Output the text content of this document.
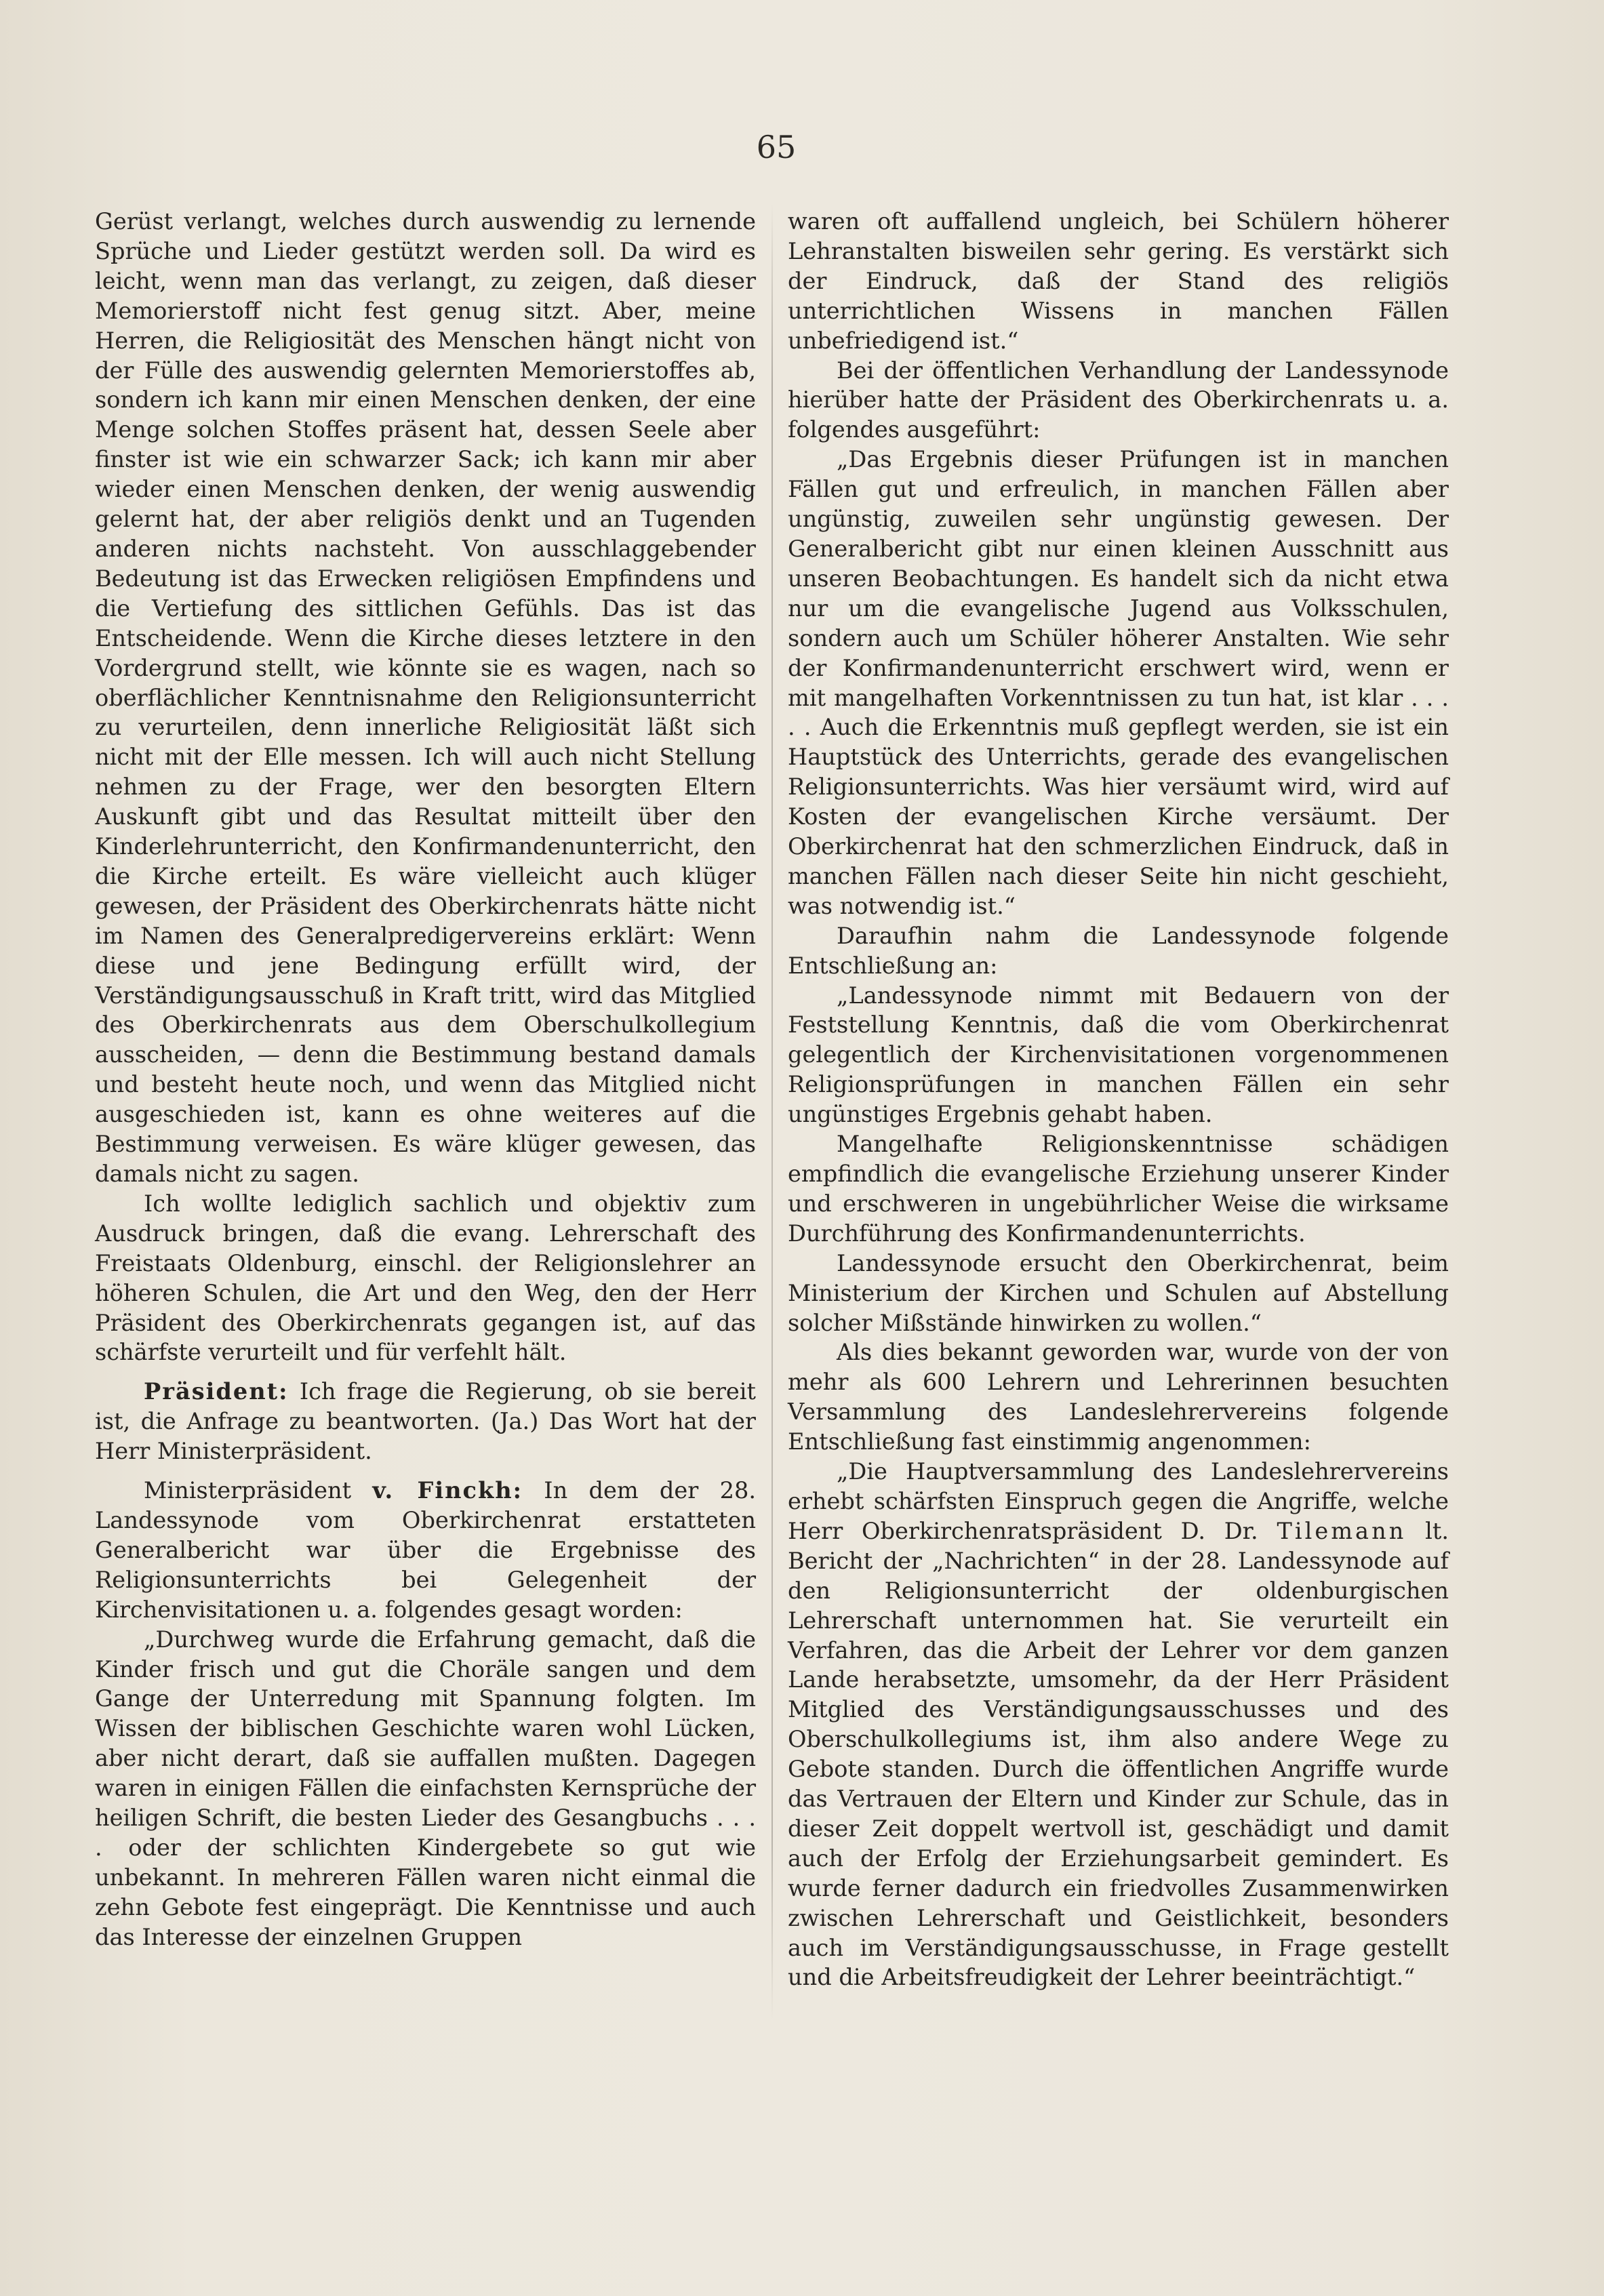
65

Gerüst verlangt, welches durch auswendig zu lernende Sprüche und Lieder gestützt werden soll. Da wird es leicht, wenn man das verlangt, zu zeigen, daß dieser Memorierstoff nicht fest genug sitzt. Aber, meine Herren, die Religiosität des Menschen hängt nicht von der Fülle des auswendig gelernten Memorierstoffes ab, sondern ich kann mir einen Menschen denken, der eine Menge solchen Stoffes präsent hat, dessen Seele aber finster ist wie ein schwarzer Sack; ich kann mir aber wieder einen Menschen denken, der wenig auswendig gelernt hat, der aber religiös denkt und an Tugenden anderen nichts nachsteht. Von ausschlaggebender Bedeutung ist das Erwecken religiösen Empfindens und die Vertiefung des sittlichen Gefühls. Das ist das Entscheidende. Wenn die Kirche dieses letztere in den Vordergrund stellt, wie könnte sie es wagen, nach so oberflächlicher Kenntnisnahme den Religionsunterricht zu verurteilen, denn innerliche Religiosität läßt sich nicht mit der Elle messen. Ich will auch nicht Stellung nehmen zu der Frage, wer den besorgten Eltern Auskunft gibt und das Resultat mitteilt über den Kinderlehrunterricht, den Konfirmandenunterricht, den die Kirche erteilt. Es wäre vielleicht auch klüger gewesen, der Präsident des Oberkirchenrats hätte nicht im Namen des Generalpredigervereins erklärt: Wenn diese und jene Bedingung erfüllt wird, der Verständigungsausschuß in Kraft tritt, wird das Mitglied des Oberkirchenrats aus dem Oberschulkollegium ausscheiden, — denn die Bestimmung bestand damals und besteht heute noch, und wenn das Mitglied nicht ausgeschieden ist, kann es ohne weiteres auf die Bestimmung verweisen. Es wäre klüger gewesen, das damals nicht zu sagen.

Ich wollte lediglich sachlich und objektiv zum Ausdruck bringen, daß die evang. Lehrerschaft des Freistaats Oldenburg, einschl. der Religionslehrer an höheren Schulen, die Art und den Weg, den der Herr Präsident des Oberkirchenrats gegangen ist, auf das schärfste verurteilt und für verfehlt hält.

Präsident: Ich frage die Regierung, ob sie bereit ist, die Anfrage zu beantworten. (Ja.) Das Wort hat der Herr Ministerpräsident.

Ministerpräsident v. Finckh: In dem der 28. Landessynode vom Oberkirchenrat erstatteten Generalbericht war über die Ergebnisse des Religionsunterrichts bei Gelegenheit der Kirchenvisitationen u. a. folgendes gesagt worden:

„Durchweg wurde die Erfahrung gemacht, daß die Kinder frisch und gut die Choräle sangen und dem Gange der Unterredung mit Spannung folgten. Im Wissen der biblischen Geschichte waren wohl Lücken, aber nicht derart, daß sie auffallen mußten. Dagegen waren in einigen Fällen die einfachsten Kernsprüche der heiligen Schrift, die besten Lieder des Gesangbuchs . . . . oder der schlichten Kindergebete so gut wie unbekannt. In mehreren Fällen waren nicht einmal die zehn Gebote fest eingeprägt. Die Kenntnisse und auch das Interesse der einzelnen Gruppen

waren oft auffallend ungleich, bei Schülern höherer Lehranstalten bisweilen sehr gering. Es verstärkt sich der Eindruck, daß der Stand des religiös unterrichtlichen Wissens in manchen Fällen unbefriedigend ist.“

Bei der öffentlichen Verhandlung der Landessynode hierüber hatte der Präsident des Oberkirchenrats u. a. folgendes ausgeführt:

„Das Ergebnis dieser Prüfungen ist in manchen Fällen gut und erfreulich, in manchen Fällen aber ungünstig, zuweilen sehr ungünstig gewesen. Der Generalbericht gibt nur einen kleinen Ausschnitt aus unseren Beobachtungen. Es handelt sich da nicht etwa nur um die evangelische Jugend aus Volksschulen, sondern auch um Schüler höherer Anstalten. Wie sehr der Konfirmandenunterricht erschwert wird, wenn er mit mangelhaften Vorkenntnissen zu tun hat, ist klar . . . . . Auch die Erkenntnis muß gepflegt werden, sie ist ein Hauptstück des Unterrichts, gerade des evangelischen Religionsunterrichts. Was hier versäumt wird, wird auf Kosten der evangelischen Kirche versäumt. Der Oberkirchenrat hat den schmerzlichen Eindruck, daß in manchen Fällen nach dieser Seite hin nicht geschieht, was notwendig ist.“

Daraufhin nahm die Landessynode folgende Entschließung an:

„Landessynode nimmt mit Bedauern von der Feststellung Kenntnis, daß die vom Oberkirchenrat gelegentlich der Kirchenvisitationen vorgenommenen Religionsprüfungen in manchen Fällen ein sehr ungünstiges Ergebnis gehabt haben.

Mangelhafte Religionskenntnisse schädigen empfindlich die evangelische Erziehung unserer Kinder und erschweren in ungebührlicher Weise die wirksame Durchführung des Konfirmandenunterrichts.

Landessynode ersucht den Oberkirchenrat, beim Ministerium der Kirchen und Schulen auf Abstellung solcher Mißstände hinwirken zu wollen.“

Als dies bekannt geworden war, wurde von der von mehr als 600 Lehrern und Lehrerinnen besuchten Versammlung des Landeslehrervereins folgende Entschließung fast einstimmig angenommen:

„Die Hauptversammlung des Landeslehrervereins erhebt schärfsten Einspruch gegen die Angriffe, welche Herr Oberkirchenratspräsident D. Dr. Tilemann lt. Bericht der „Nachrichten“ in der 28. Landessynode auf den Religionsunterricht der oldenburgischen Lehrerschaft unternommen hat. Sie verurteilt ein Verfahren, das die Arbeit der Lehrer vor dem ganzen Lande herabsetzte, umsomehr, da der Herr Präsident Mitglied des Verständigungsausschusses und des Oberschulkollegiums ist, ihm also andere Wege zu Gebote standen. Durch die öffentlichen Angriffe wurde das Vertrauen der Eltern und Kinder zur Schule, das in dieser Zeit doppelt wertvoll ist, geschädigt und damit auch der Erfolg der Erziehungsarbeit gemindert. Es wurde ferner dadurch ein friedvolles Zusammenwirken zwischen Lehrerschaft und Geistlichkeit, besonders auch im Verständigungsausschusse, in Frage gestellt und die Arbeitsfreudigkeit der Lehrer beeinträchtigt.“
